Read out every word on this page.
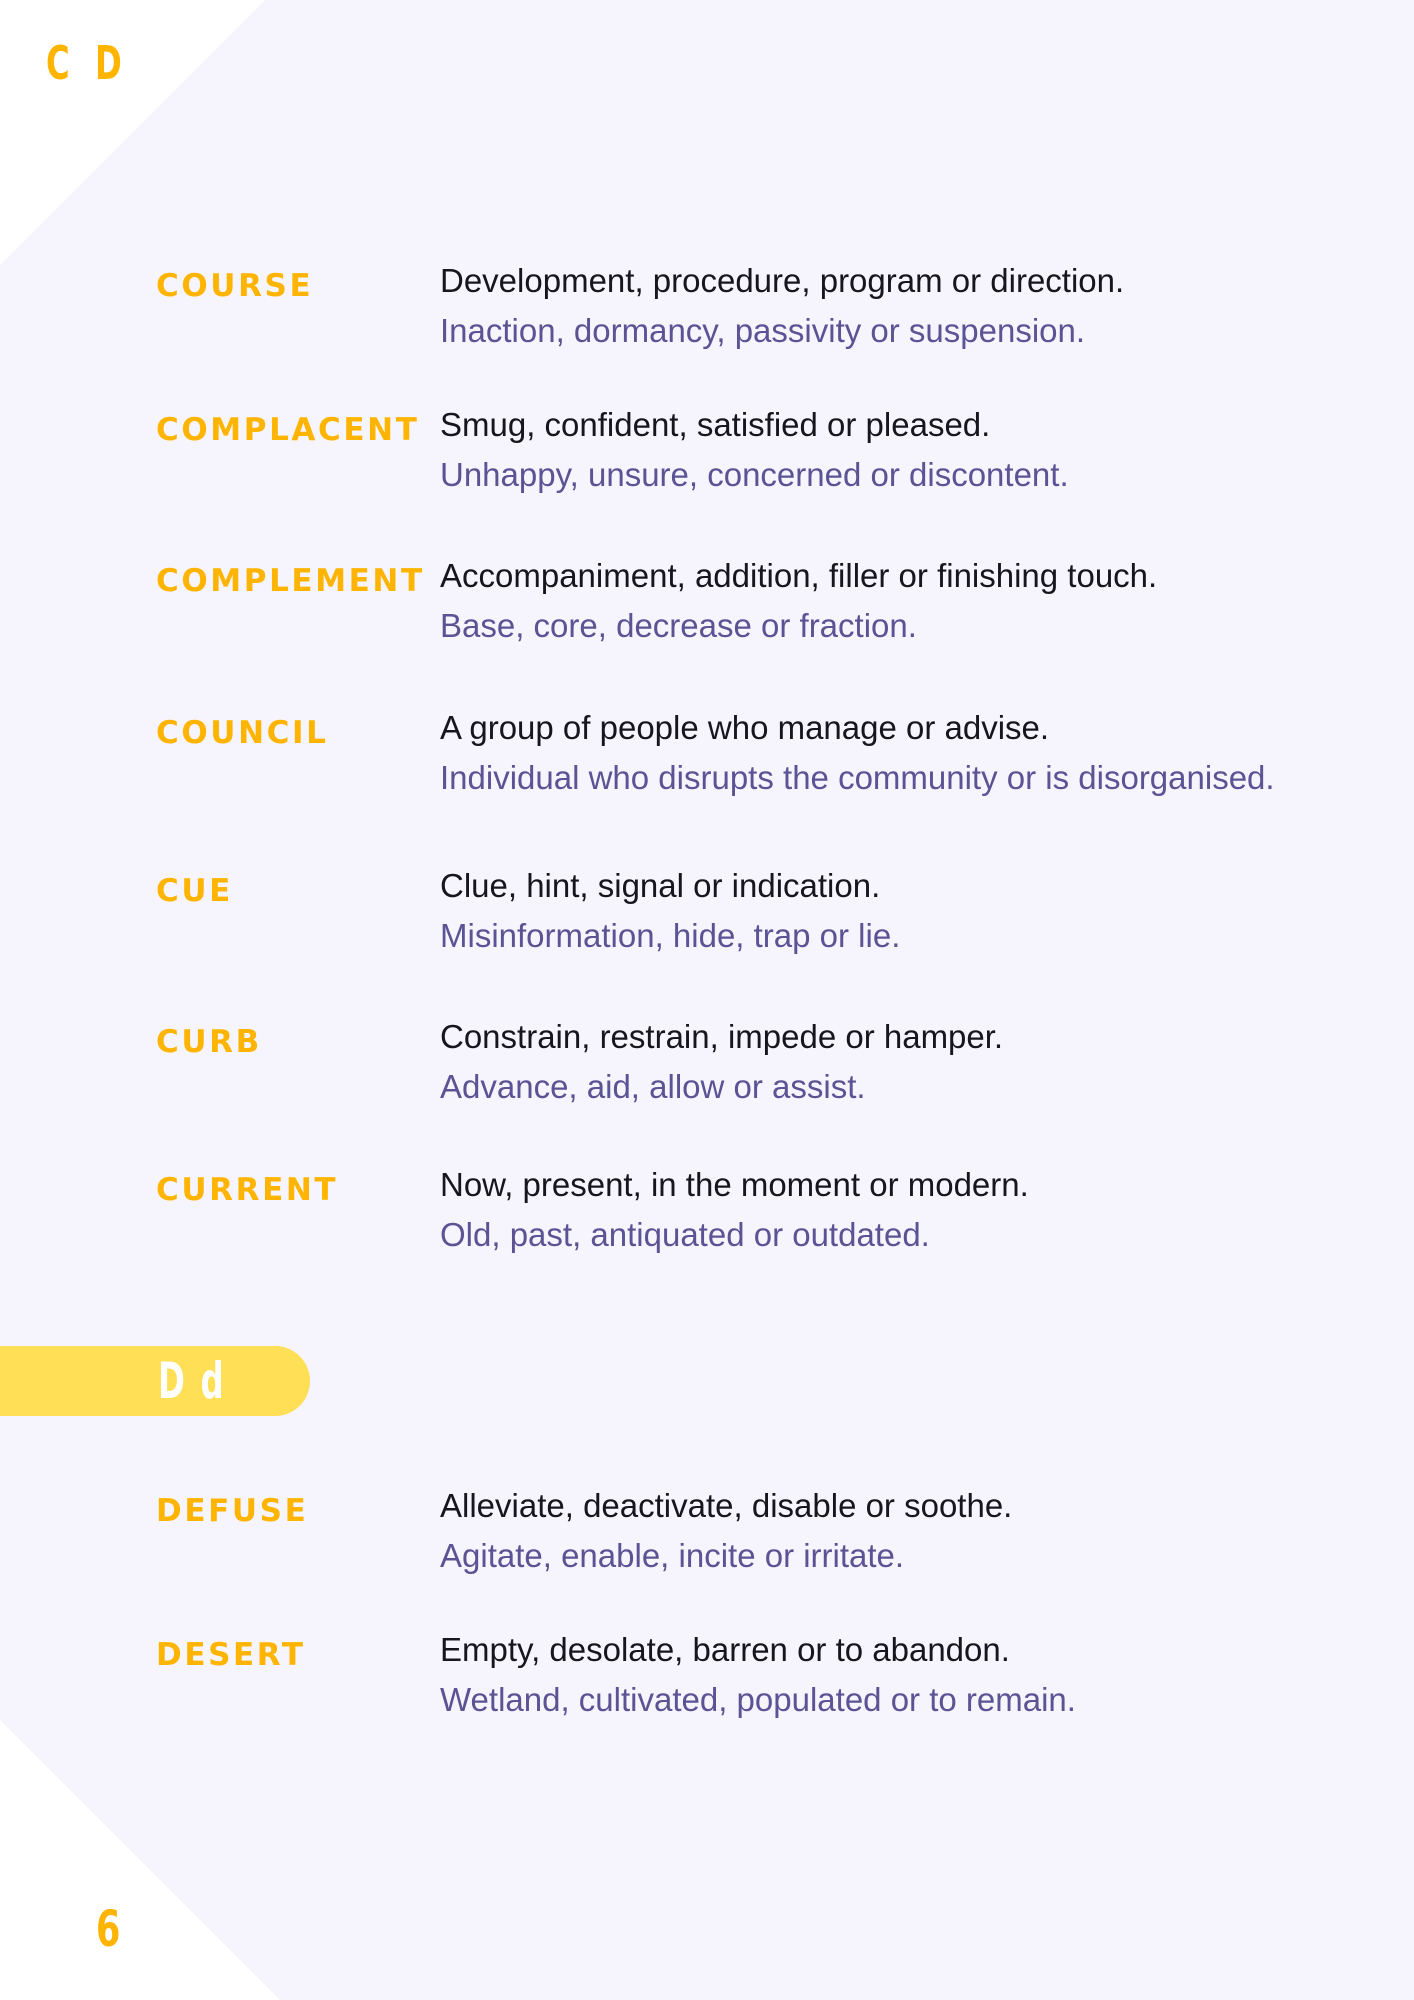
C D
COURSE	Development, procedure, program or direction.
Inaction, dormancy, passivity or suspension.
COMPLACENT Smug, confident, satisfied or pleased.
Unhappy, unsure, concerned or discontent.
COMPLEMENT Accompaniment, addition, filler or finishing touch.
Base, core, decrease or fraction.
COUNCIL	A group of people who manage or advise.
Individual who disrupts the community or is disorganised.
CUE	Clue, hint, signal or indication.
Misinformation, hide, trap or lie.
CURB	Constrain, restrain, impede or hamper.
Advance, aid, allow or assist.
CURRENT	Now, present, in the moment or modern.
Old, past, antiquated or outdated.
D d
DEFUSE	Alleviate, deactivate, disable or soothe.
Agitate, enable, incite or irritate.
DESERT	Empty, desolate, barren or to abandon.
Wetland, cultivated, populated or to remain.
6
